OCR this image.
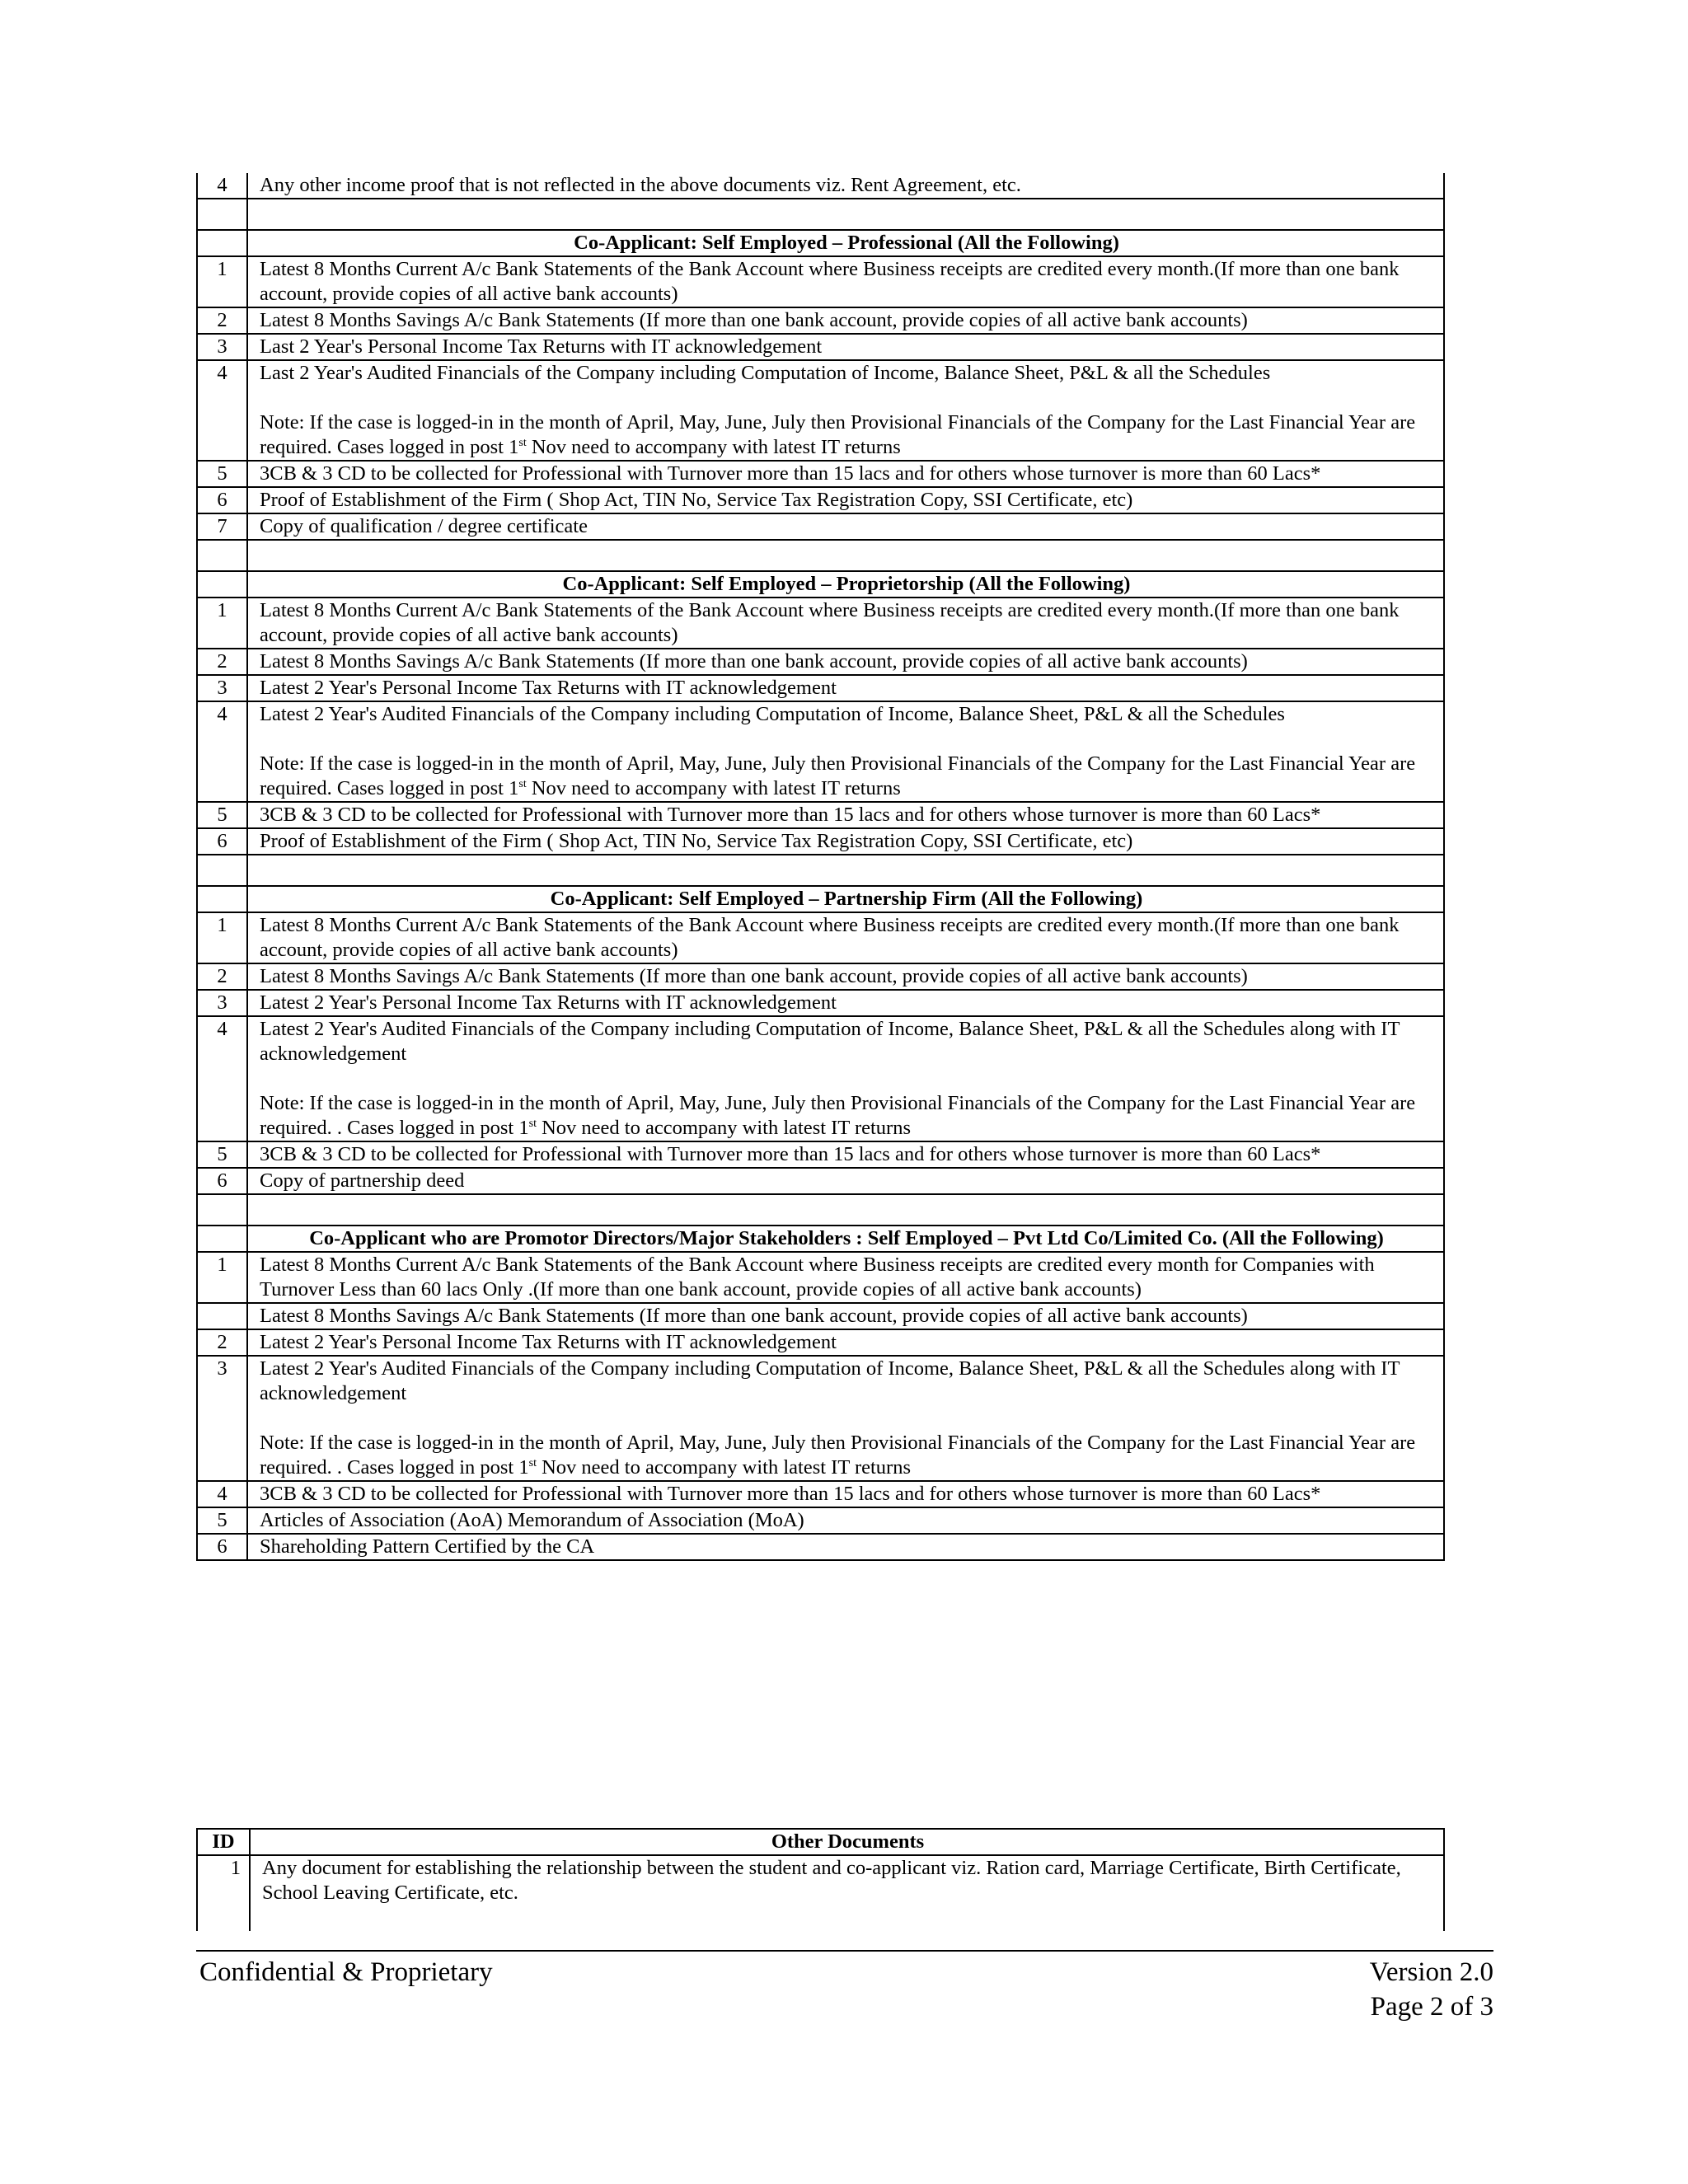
4	Any other income proof that is not reflected in the above documents viz. Rent Agreement, etc.

	Co-Applicant: Self Employed – Professional (All the Following)
1	Latest 8 Months Current A/c Bank Statements of the Bank Account where Business receipts are credited every month.(If more than one bank account, provide copies of all active bank accounts)
2	Latest 8 Months Savings A/c Bank Statements (If more than one bank account, provide copies of all active bank accounts)
3	Last 2 Year's Personal Income Tax Returns with IT acknowledgement
4	Last 2 Year's Audited Financials of the Company including Computation of Income, Balance Sheet, P&L & all the Schedules

Note: If the case is logged-in in the month of April, May, June, July then Provisional Financials of the Company for the Last Financial Year are required. Cases logged in post 1st Nov need to accompany with latest IT returns
5	3CB & 3 CD to be collected for Professional with Turnover more than 15 lacs and for others whose turnover is more than 60 Lacs*
6	Proof of Establishment of the Firm ( Shop Act, TIN No, Service Tax Registration Copy, SSI Certificate, etc)
7	Copy of qualification / degree certificate

	Co-Applicant: Self Employed – Proprietorship (All the Following)
1	Latest 8 Months Current A/c Bank Statements of the Bank Account where Business receipts are credited every month.(If more than one bank account, provide copies of all active bank accounts)
2	Latest 8 Months Savings A/c Bank Statements (If more than one bank account, provide copies of all active bank accounts)
3	Latest 2 Year's Personal Income Tax Returns with IT acknowledgement
4	Latest 2 Year's Audited Financials of the Company including Computation of Income, Balance Sheet, P&L & all the Schedules

Note: If the case is logged-in in the month of April, May, June, July then Provisional Financials of the Company for the Last Financial Year are required. Cases logged in post 1st Nov need to accompany with latest IT returns
5	3CB & 3 CD to be collected for Professional with Turnover more than 15 lacs and for others whose turnover is more than 60 Lacs*
6	Proof of Establishment of the Firm ( Shop Act, TIN No, Service Tax Registration Copy, SSI Certificate, etc)

	Co-Applicant: Self Employed – Partnership Firm (All the Following)
1	Latest 8 Months Current A/c Bank Statements of the Bank Account where Business receipts are credited every month.(If more than one bank account, provide copies of all active bank accounts)
2	Latest 8 Months Savings A/c Bank Statements (If more than one bank account, provide copies of all active bank accounts)
3	Latest 2 Year's Personal Income Tax Returns with IT acknowledgement
4	Latest 2 Year's Audited Financials of the Company including Computation of Income, Balance Sheet, P&L & all the Schedules along with IT acknowledgement

Note: If the case is logged-in in the month of April, May, June, July then Provisional Financials of the Company for the Last Financial Year are required. . Cases logged in post 1st Nov need to accompany with latest IT returns
5	3CB & 3 CD to be collected for Professional with Turnover more than 15 lacs and for others whose turnover is more than 60 Lacs*
6	Copy of partnership deed

	Co-Applicant who are Promotor Directors/Major Stakeholders : Self Employed – Pvt Ltd Co/Limited Co. (All the Following)
1	Latest 8 Months Current A/c Bank Statements of the Bank Account where Business receipts are credited every month for Companies with Turnover Less than 60 lacs Only .(If more than one bank account, provide copies of all active bank accounts)
	Latest 8 Months Savings A/c Bank Statements (If more than one bank account, provide copies of all active bank accounts)
2	Latest 2 Year's Personal Income Tax Returns with IT acknowledgement
3	Latest 2 Year's Audited Financials of the Company including Computation of Income, Balance Sheet, P&L & all the Schedules along with IT acknowledgement

Note: If the case is logged-in in the month of April, May, June, July then Provisional Financials of the Company for the Last Financial Year are required. . Cases logged in post 1st Nov need to accompany with latest IT returns
4	3CB & 3 CD to be collected for Professional with Turnover more than 15 lacs and for others whose turnover is more than 60 Lacs*
5	Articles of Association (AoA) Memorandum of Association (MoA)
6	Shareholding Pattern Certified by the CA
ID	Other Documents
1	Any document for establishing the relationship between the student and co-applicant viz. Ration card, Marriage Certificate, Birth Certificate, School Leaving Certificate, etc.
Confidential & Proprietary	Version 2.0
Page 2 of 3
